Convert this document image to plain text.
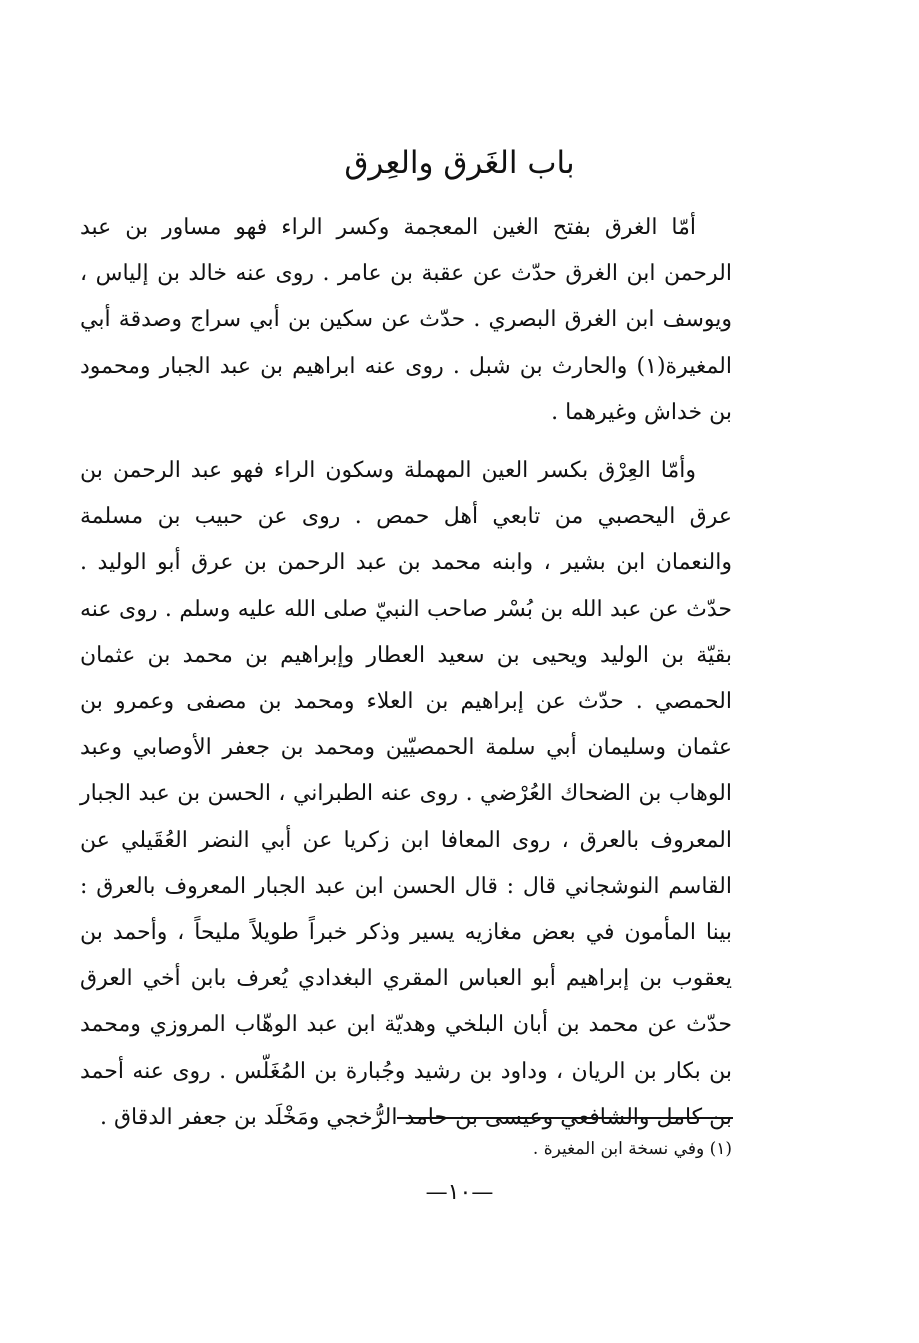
باب الغَرق والعِرق

أمّا الغرق بفتح الغين المعجمة وكسر الراء فهو مساور بن عبد الرحمن ابن الغرق حدّث عن عقبة بن عامر . روى عنه خالد بن إلياس ، ويوسف ابن الغرق البصري . حدّث عن سكين بن أبي سراج وصدقة أبي المغيرة(١) والحارث بن شبل . روى عنه ابراهيم بن عبد الجبار ومحمود بن خداش وغيرهما .

وأمّا العِرْق بكسر العين المهملة وسكون الراء فهو عبد الرحمن بن عرق اليحصبي من تابعي أهل حمص . روى عن حبيب بن مسلمة والنعمان ابن بشير ، وابنه محمد بن عبد الرحمن بن عرق أبو الوليد . حدّث عن عبد الله بن بُسْر صاحب النبيّ صلى الله عليه وسلم . روى عنه بقيّة بن الوليد ويحيى بن سعيد العطار وإبراهيم بن محمد بن عثمان الحمصي . حدّث عن إبراهيم بن العلاء ومحمد بن مصفى وعمرو بن عثمان وسليمان أبي سلمة الحمصيّين ومحمد بن جعفر الأوصابي وعبد الوهاب بن الضحاك العُرْضي . روى عنه الطبراني ، الحسن بن عبد الجبار المعروف بالعرق ، روى المعافا ابن زكريا عن أبي النضر العُقَيلي عن القاسم النوشجاني قال : قال الحسن ابن عبد الجبار المعروف بالعرق : بينا المأمون في بعض مغازيه يسير وذكر خبراً طويلاً مليحاً ، وأحمد بن يعقوب بن إبراهيم أبو العباس المقري البغدادي يُعرف بابن أخي العرق حدّث عن محمد بن أبان البلخي وهديّة ابن عبد الوهّاب المروزي ومحمد بن بكار بن الريان ، وداود بن رشيد وجُبارة بن المُغَلّس . روى عنه أحمد بن كامل والشافعي وعيسى بن حامد الرُّخجي ومَخْلَد بن جعفر الدقاق .

(١) وفي نسخة ابن المغيرة .

—١٠—
